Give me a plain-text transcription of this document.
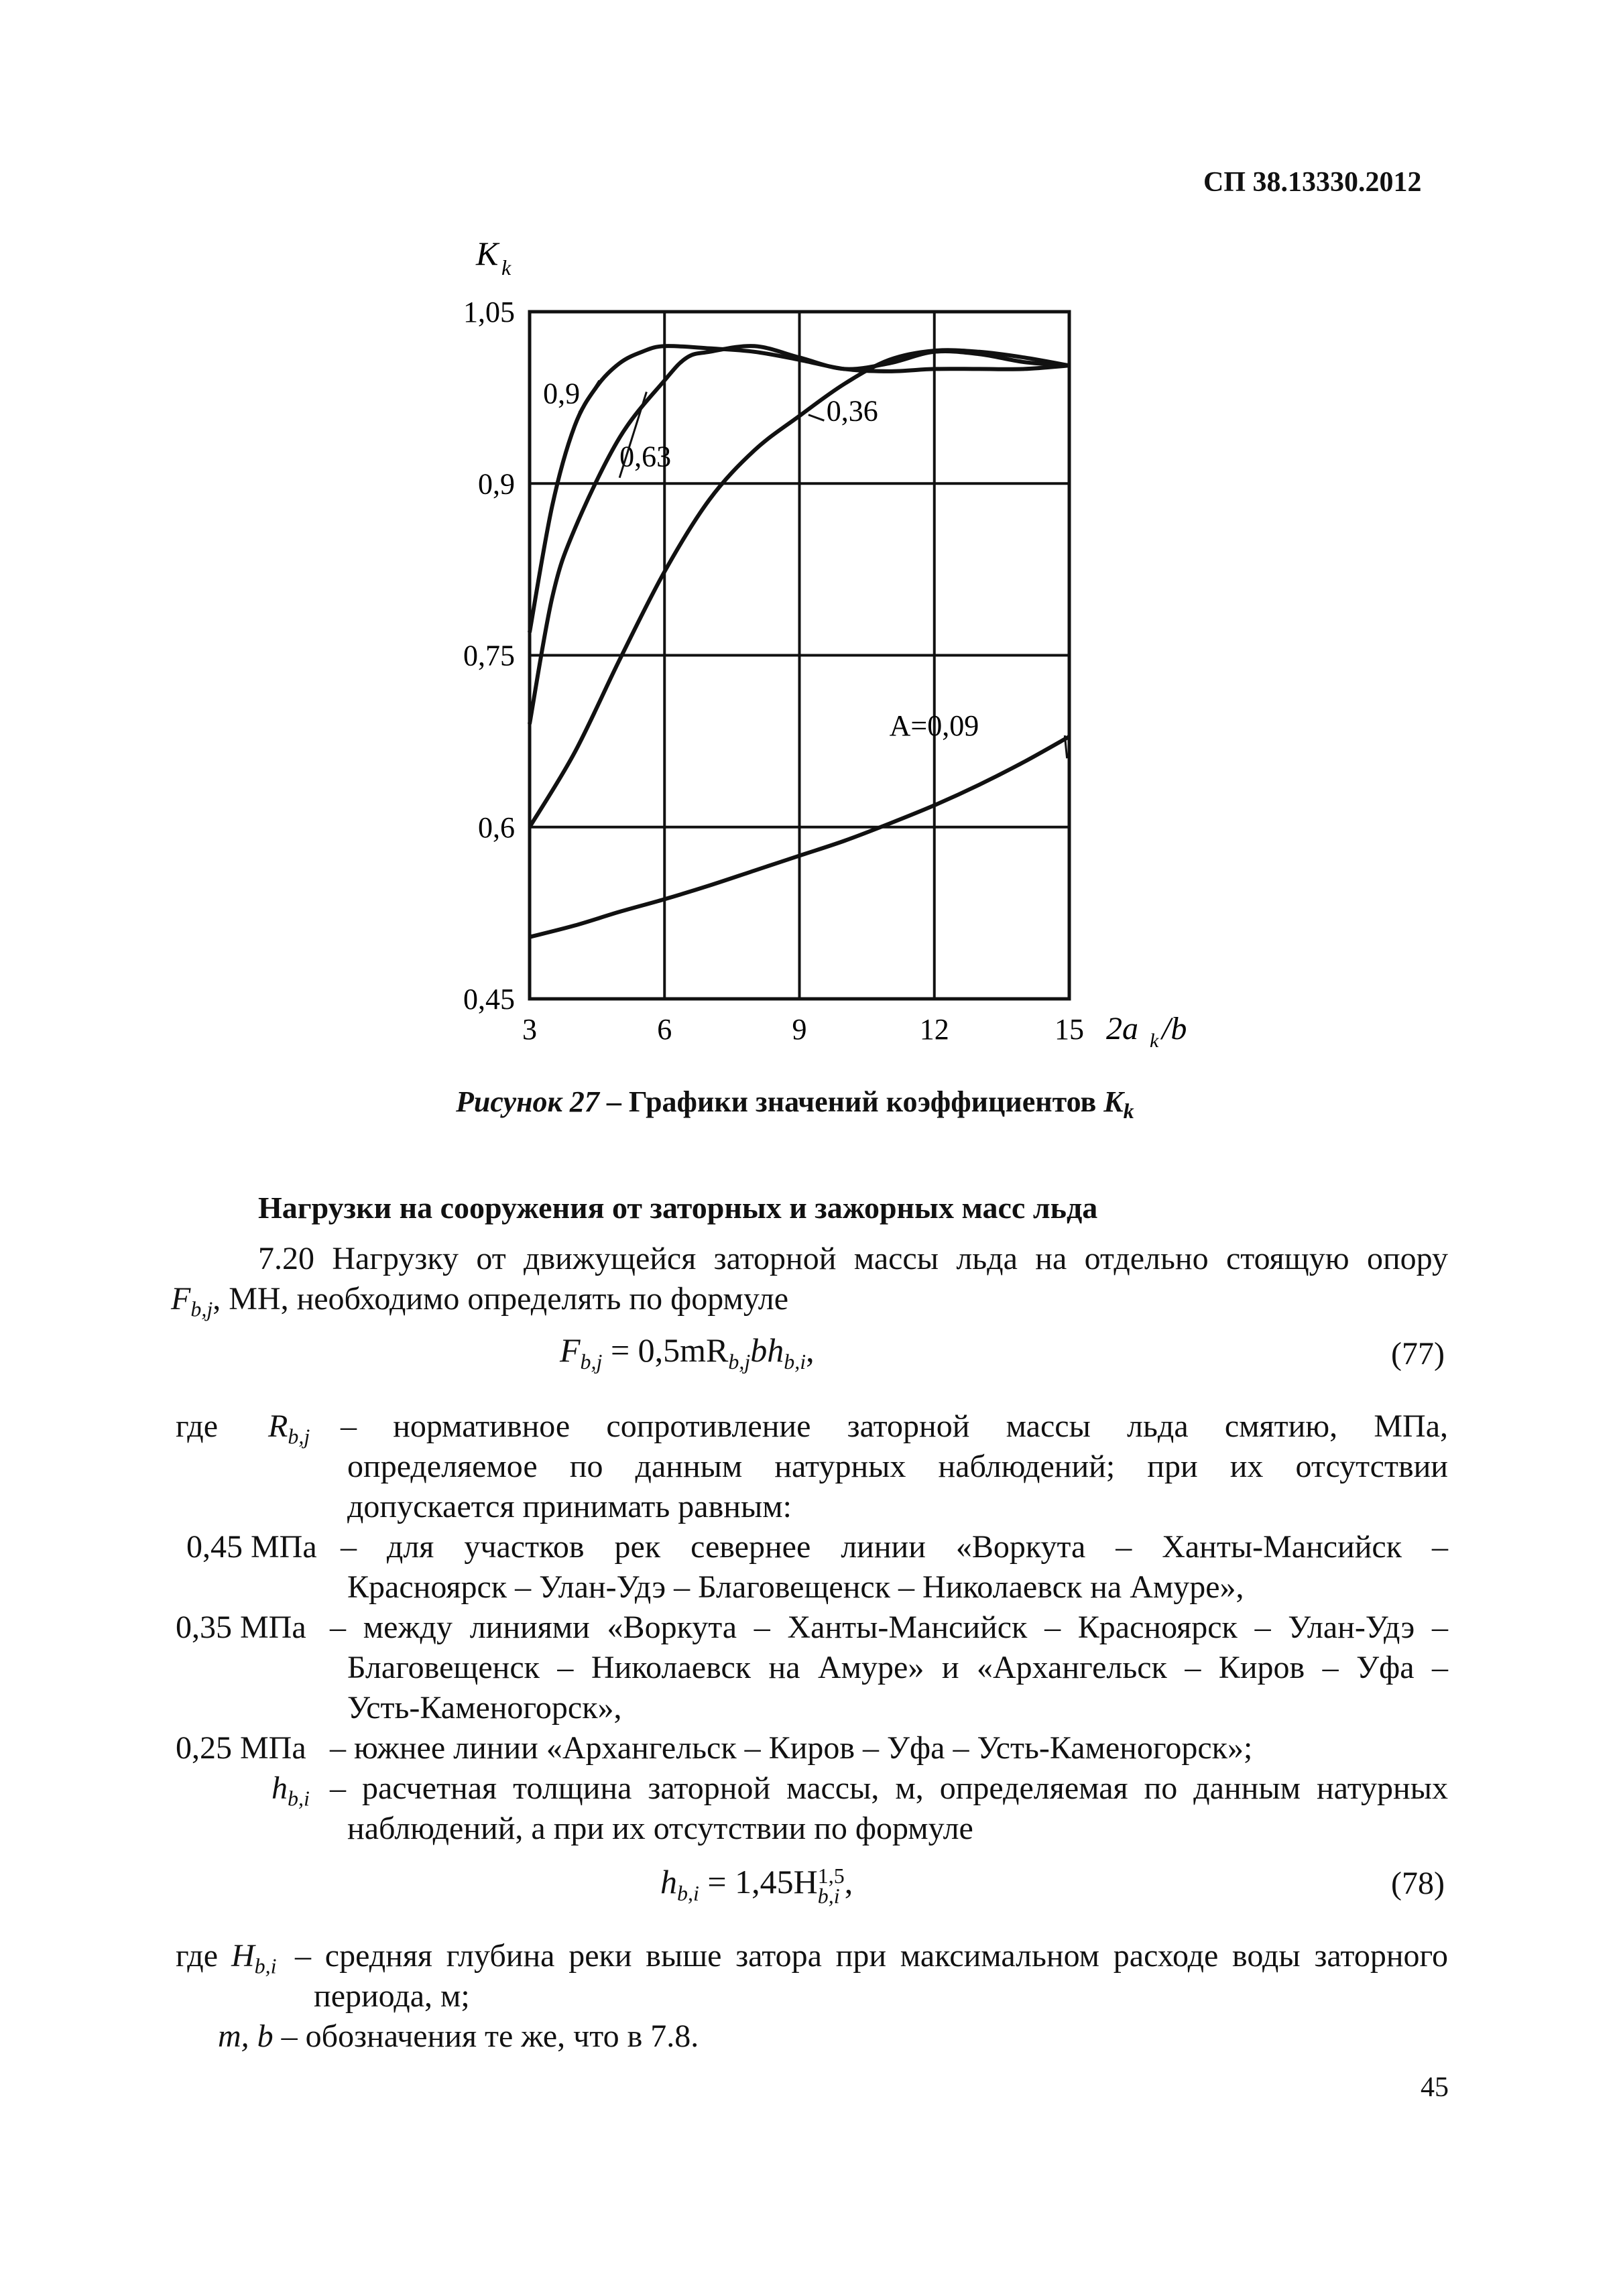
СП 38.13330.2012
3	6	9	12	15
0,45
0,6
0,75
0,9
1,05
K k
2a k /b
0,9
0,63
0,36
A=0,09
Рисунок 27 – Графики значений коэффициентов $K_k$
Нагрузки на сооружения от заторных и зажорных масс льда
7.20 Нагрузку от движущейся заторной массы льда на отдельно стоящую опору
$F_{b,j}$, МН, необходимо определять по формуле
$F_{b,j} = 0,5mR_{b,j}bh_{b,i}$,	(77)
где $R_{b,j}$ – нормативное сопротивление заторной массы льда смятию, МПа,
определяемое по данным натурных наблюдений; при их отсутствии
допускается принимать равным:
0,45 МПа – для участков рек севернее линии «Воркута – Ханты-Мансийск –
Красноярск – Улан-Удэ – Благовещенск – Николаевск на Амуре»,
0,35 МПа – между линиями «Воркута – Ханты-Мансийск – Красноярск – Улан-Удэ –
Благовещенск – Николаевск на Амуре» и «Архангельск – Киров – Уфа –
Усть-Каменогорск»,
0,25 МПа – южнее линии «Архангельск – Киров – Уфа – Усть-Каменогорск»;
$h_{b,i}$ – расчетная толщина заторной массы, м, определяемая по данным натурных
наблюдений, а при их отсутствии по формуле
$h_{b,i} = 1,45H$ 1,5
b,i ,	(78)
где $H_{b,i}$ – средняя глубина реки выше затора при максимальном расходе воды заторного
периода, м;
m, b – обозначения те же, что в 7.8.
45
